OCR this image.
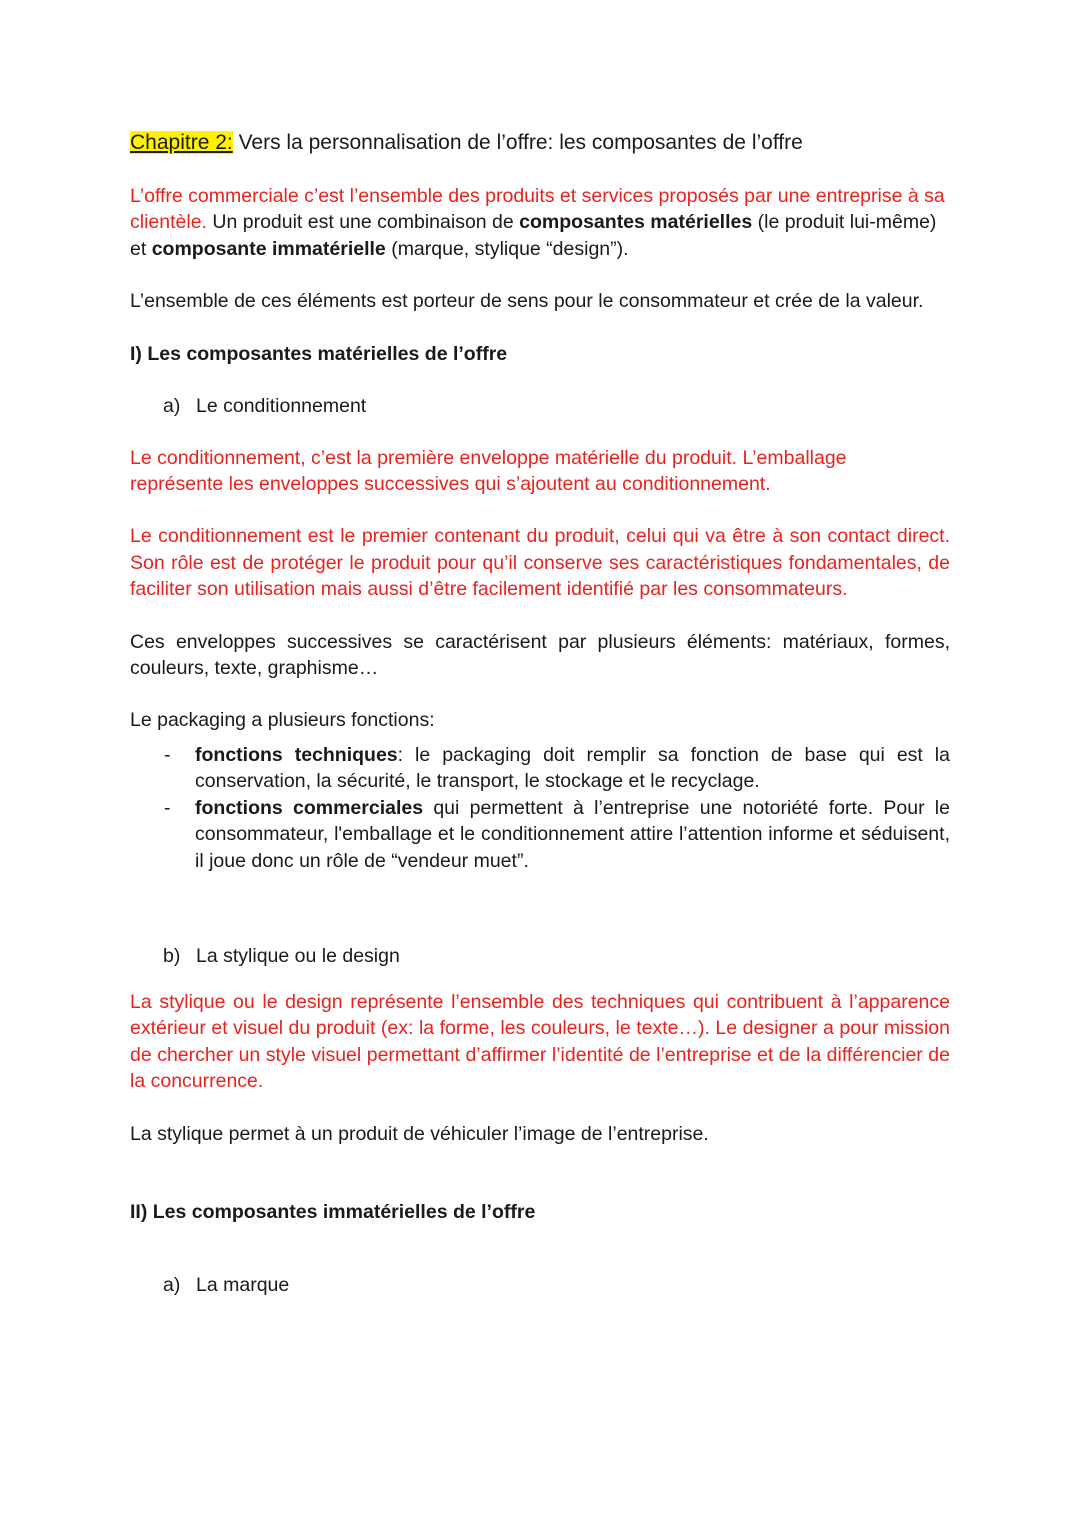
Chapitre 2: Vers la personnalisation de l’offre: les composantes de l’offre

L’offre commerciale c’est l’ensemble des produits et services proposés par une entreprise à sa clientèle. Un produit est une combinaison de composantes matérielles (le produit lui-même) et composante immatérielle (marque, stylique “design”).

L’ensemble de ces éléments est porteur de sens pour le consommateur et crée de la valeur.

I) Les composantes matérielles de l’offre

a) Le conditionnement

Le conditionnement, c’est la première enveloppe matérielle du produit. L’emballage représente les enveloppes successives qui s’ajoutent au conditionnement.

Le conditionnement est le premier contenant du produit, celui qui va être à son contact direct. Son rôle est de protéger le produit pour qu’il conserve ses caractéristiques fondamentales, de faciliter son utilisation mais aussi d’être facilement identifié par les consommateurs.

Ces enveloppes successives se caractérisent par plusieurs éléments: matériaux, formes, couleurs, texte, graphisme…

Le packaging a plusieurs fonctions:

- fonctions techniques: le packaging doit remplir sa fonction de base qui est la conservation, la sécurité, le transport, le stockage et le recyclage.
- fonctions commerciales qui permettent à l’entreprise une notoriété forte. Pour le consommateur, l'emballage et le conditionnement attire l’attention informe et séduisent, il joue donc un rôle de “vendeur muet”.

b) La stylique ou le design

La stylique ou le design représente l’ensemble des techniques qui contribuent à l’apparence extérieur et visuel du produit (ex: la forme, les couleurs, le texte…). Le designer a pour mission de chercher un style visuel permettant d’affirmer l’identité de l’entreprise et de la différencier de la concurrence.

La stylique permet à un produit de véhiculer l’image de l’entreprise.

II) Les composantes immatérielles de l’offre

a) La marque
